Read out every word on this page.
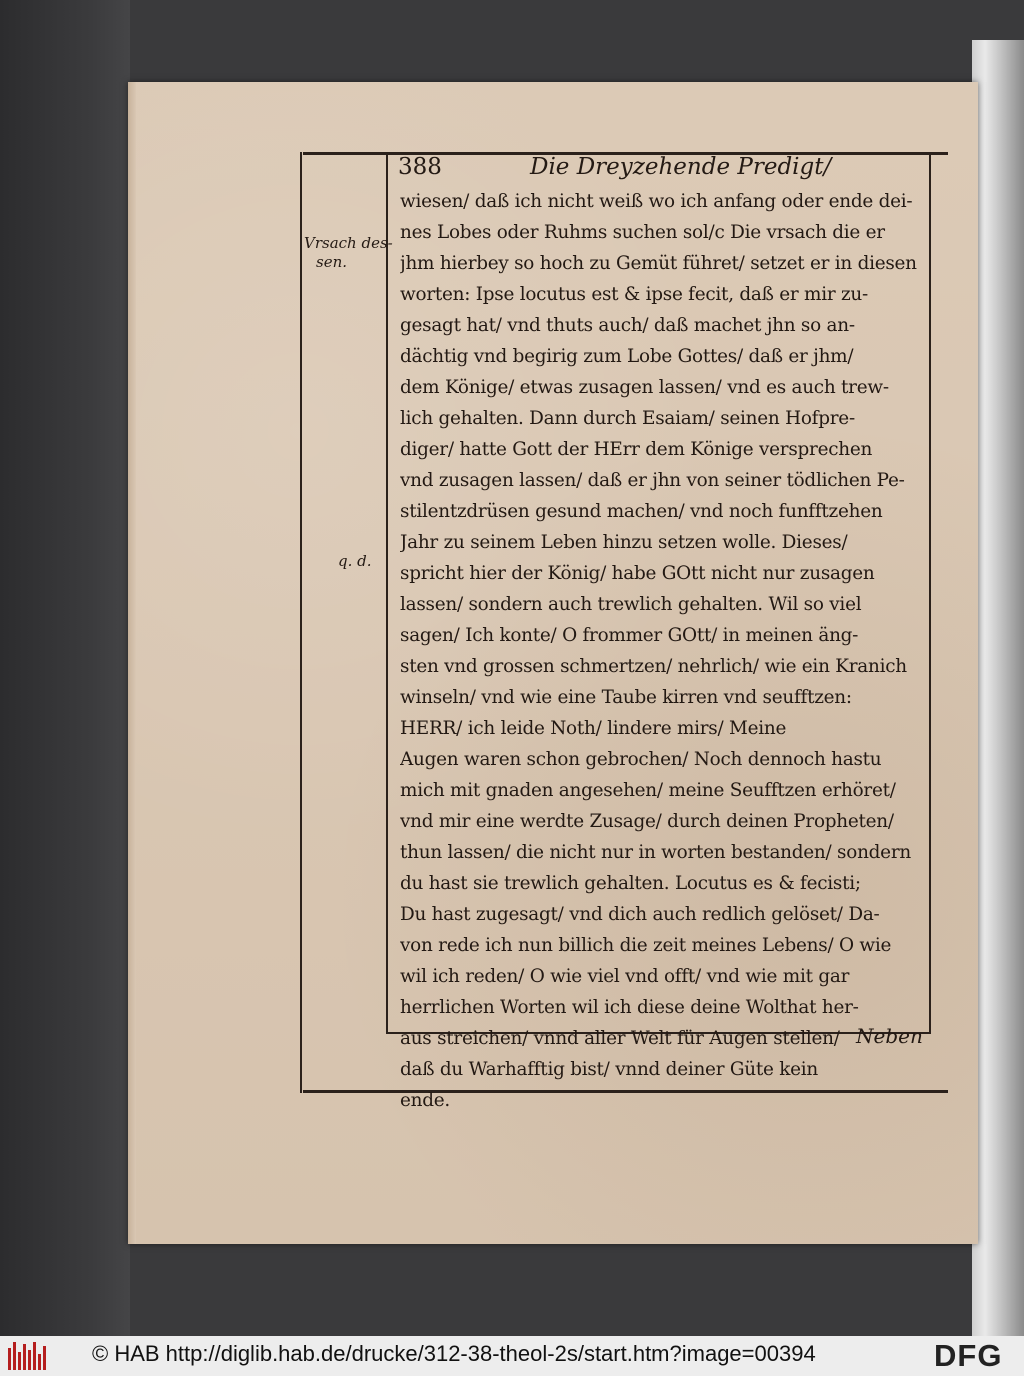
388	Die Dreyzehende Predigt/
Vrsach des-
sen.
q. d.
wiesen/ daß ich nicht weiß wo ich anfang oder ende dei-
nes Lobes oder Ruhms suchen sol/c Die vrsach die er
jhm hierbey so hoch zu Gemüt führet/ setzet er in diesen
worten: Ipse locutus est & ipse fecit, daß er mir zu-
gesagt hat/ vnd thuts auch/ daß machet jhn so an-
dächtig vnd begirig zum Lobe Gottes/ daß er jhm/
dem Könige/ etwas zusagen lassen/ vnd es auch trew-
lich gehalten. Dann durch Esaiam/ seinen Hofpre-
diger/ hatte Gott der HErr dem Könige versprechen
vnd zusagen lassen/ daß er jhn von seiner tödlichen Pe-
stilentzdrüsen gesund machen/ vnd noch funfftzehen
Jahr zu seinem Leben hinzu setzen wolle. Dieses/
spricht hier der König/ habe GOtt nicht nur zusagen
lassen/ sondern auch trewlich gehalten. Wil so viel
sagen/ Ich konte/ O frommer GOtt/ in meinen äng-
sten vnd grossen schmertzen/ nehrlich/ wie ein Kranich
winseln/ vnd wie eine Taube kirren vnd seufftzen:
HERR/ ich leide Noth/ lindere mirs/ Meine
Augen waren schon gebrochen/ Noch dennoch hastu
mich mit gnaden angesehen/ meine Seufftzen erhöret/
vnd mir eine werdte Zusage/ durch deinen Propheten/
thun lassen/ die nicht nur in worten bestanden/ sondern
du hast sie trewlich gehalten. Locutus es & fecisti;
Du hast zugesagt/ vnd dich auch redlich gelöset/ Da-
von rede ich nun billich die zeit meines Lebens/ O wie
wil ich reden/ O wie viel vnd offt/ vnd wie mit gar
herrlichen Worten wil ich diese deine Wolthat her-
aus streichen/ vnnd aller Welt für Augen stellen/
daß du Warhafftig bist/ vnnd deiner Güte kein
ende.
Neben
© HAB http://diglib.hab.de/drucke/312-38-theol-2s/start.htm?image=00394	DFG
